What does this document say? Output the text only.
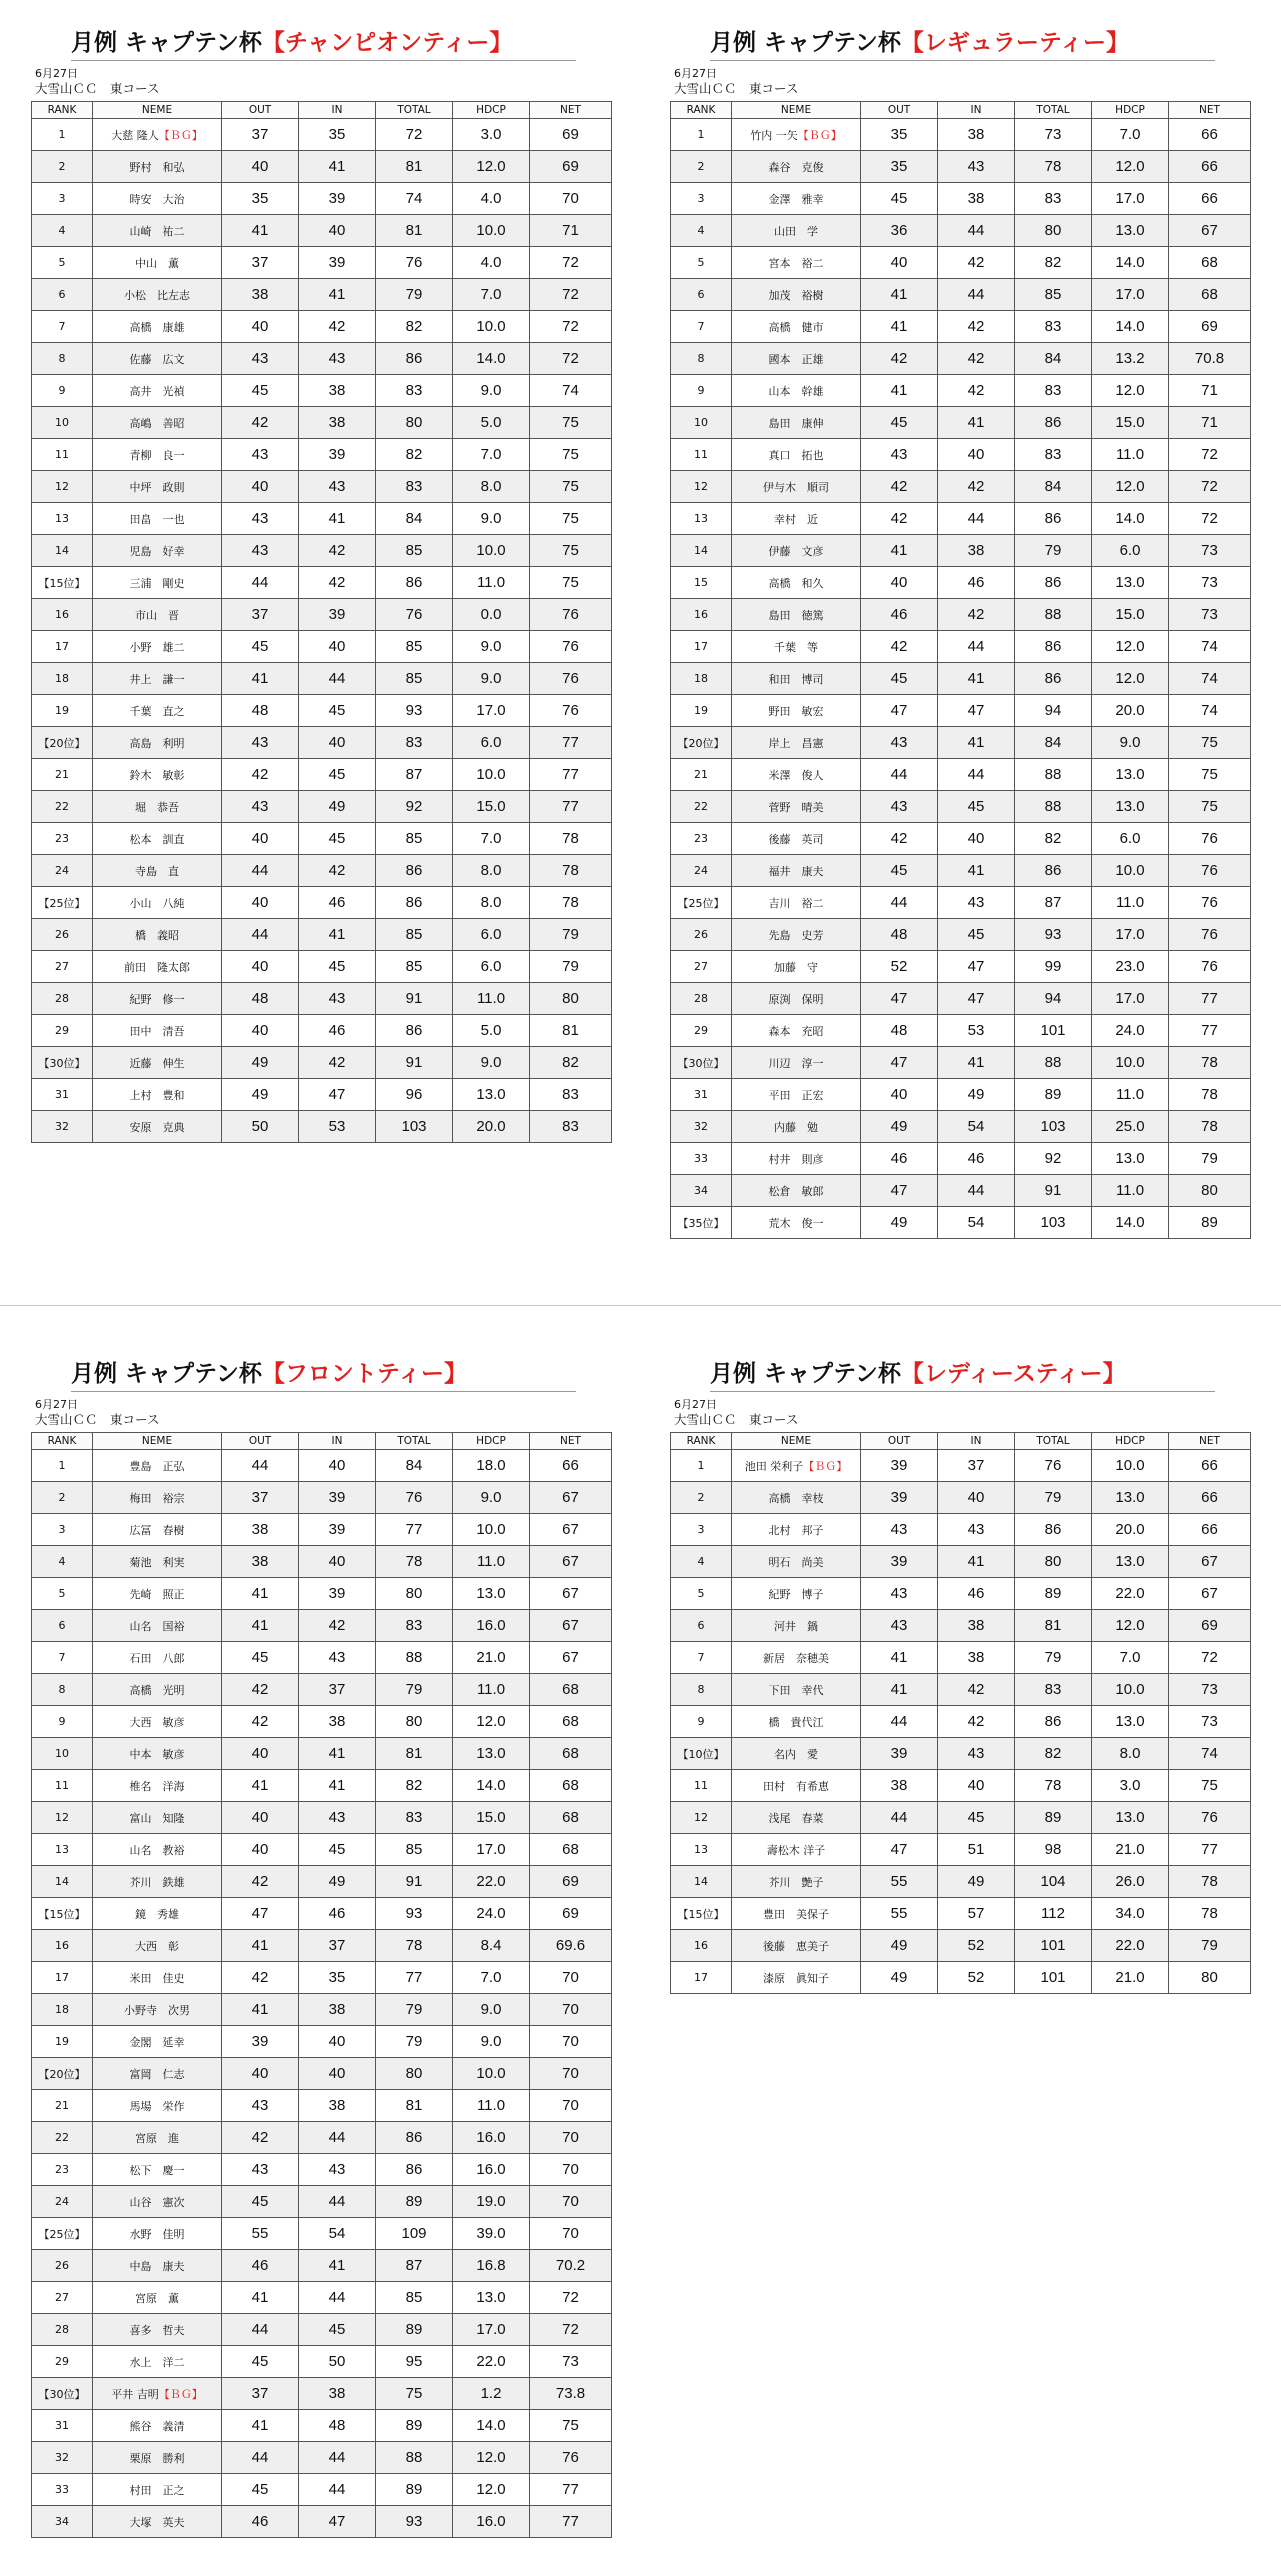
月例 キャプテン杯【チャンピオンティー】
6月27日
大雪山ＣＣ　東コース
RANK	NEME	OUT	IN	TOTAL	HDCP	NET
1	大慈 隆人【ＢＧ】	37	35	72	3.0	69
2	野村　和弘	40	41	81	12.0	69
3	時安　大治	35	39	74	4.0	70
4	山崎　祐二	41	40	81	10.0	71
5	中山　薫	37	39	76	4.0	72
6	小松　比左志	38	41	79	7.0	72
7	高橋　康雄	40	42	82	10.0	72
8	佐藤　広文	43	43	86	14.0	72
9	高井　光禎	45	38	83	9.0	74
10	高嶋　善昭	42	38	80	5.0	75
11	青柳　良一	43	39	82	7.0	75
12	中坪　政則	40	43	83	8.0	75
13	田畠　一也	43	41	84	9.0	75
14	児島　好幸	43	42	85	10.0	75
【15位】	三浦　剛史	44	42	86	11.0	75
16	市山　晋	37	39	76	0.0	76
17	小野　雄二	45	40	85	9.0	76
18	井上　謙一	41	44	85	9.0	76
19	千葉　直之	48	45	93	17.0	76
【20位】	高島　利明	43	40	83	6.0	77
21	鈴木　敏彰	42	45	87	10.0	77
22	堀　恭吾	43	49	92	15.0	77
23	松本　訓直	40	45	85	7.0	78
24	寺島　直	44	42	86	8.0	78
【25位】	小山　八純	40	46	86	8.0	78
26	橋　義昭	44	41	85	6.0	79
27	前田　隆太郎	40	45	85	6.0	79
28	紀野　修一	48	43	91	11.0	80
29	田中　清吾	40	46	86	5.0	81
【30位】	近藤　伸生	49	42	91	9.0	82
31	上村　豊和	49	47	96	13.0	83
32	安原　克典	50	53	103	20.0	83
月例 キャプテン杯【レギュラーティー】
6月27日
大雪山ＣＣ　東コース
RANK	NEME	OUT	IN	TOTAL	HDCP	NET
1	竹内 一矢【ＢＧ】	35	38	73	7.0	66
2	森谷　克俊	35	43	78	12.0	66
3	金澤　雅幸	45	38	83	17.0	66
4	山田　学	36	44	80	13.0	67
5	宮本　裕二	40	42	82	14.0	68
6	加茂　裕樹	41	44	85	17.0	68
7	高橋　健市	41	42	83	14.0	69
8	國本　正雄	42	42	84	13.2	70.8
9	山本　幹雄	41	42	83	12.0	71
10	島田　康伸	45	41	86	15.0	71
11	真口　拓也	43	40	83	11.0	72
12	伊与木　順司	42	42	84	12.0	72
13	幸村　近	42	44	86	14.0	72
14	伊藤　文彦	41	38	79	6.0	73
15	高橋　和久	40	46	86	13.0	73
16	島田　徳篤	46	42	88	15.0	73
17	千葉　等	42	44	86	12.0	74
18	和田　博司	45	41	86	12.0	74
19	野田　敏宏	47	47	94	20.0	74
【20位】	岸上　昌憲	43	41	84	9.0	75
21	米澤　俊人	44	44	88	13.0	75
22	菅野　晴美	43	45	88	13.0	75
23	後藤　英司	42	40	82	6.0	76
24	福井　康夫	45	41	86	10.0	76
【25位】	吉川　裕二	44	43	87	11.0	76
26	先島　史芳	48	45	93	17.0	76
27	加藤　守	52	47	99	23.0	76
28	原渕　保明	47	47	94	17.0	77
29	森本　充昭	48	53	101	24.0	77
【30位】	川辺　淳一	47	41	88	10.0	78
31	平田　正宏	40	49	89	11.0	78
32	内藤　勉	49	54	103	25.0	78
33	村井　則彦	46	46	92	13.0	79
34	松倉　敏郎	47	44	91	11.0	80
【35位】	荒木　俊一	49	54	103	14.0	89
月例 キャプテン杯【フロントティー】
6月27日
大雪山ＣＣ　東コース
RANK	NEME	OUT	IN	TOTAL	HDCP	NET
1	豊島　正弘	44	40	84	18.0	66
2	梅田　裕宗	37	39	76	9.0	67
3	広冨　春樹	38	39	77	10.0	67
4	菊池　利実	38	40	78	11.0	67
5	先崎　照正	41	39	80	13.0	67
6	山名　国裕	41	42	83	16.0	67
7	石田　八郎	45	43	88	21.0	67
8	高橋　光明	42	37	79	11.0	68
9	大西　敏彦	42	38	80	12.0	68
10	中本　敏彦	40	41	81	13.0	68
11	椎名　洋海	41	41	82	14.0	68
12	富山　知隆	40	43	83	15.0	68
13	山名　教裕	40	45	85	17.0	68
14	芥川　鉄雄	42	49	91	22.0	69
【15位】	鏡　秀雄	47	46	93	24.0	69
16	大西　彰	41	37	78	8.4	69.6
17	米田　佳史	42	35	77	7.0	70
18	小野寺　次男	41	38	79	9.0	70
19	金閣　延幸	39	40	79	9.0	70
【20位】	富岡　仁志	40	40	80	10.0	70
21	馬場　栄作	43	38	81	11.0	70
22	宮原　進	42	44	86	16.0	70
23	松下　慶一	43	43	86	16.0	70
24	山谷　憲次	45	44	89	19.0	70
【25位】	水野　佳明	55	54	109	39.0	70
26	中島　康夫	46	41	87	16.8	70.2
27	宮原　薫	41	44	85	13.0	72
28	喜多　哲夫	44	45	89	17.0	72
29	水上　洋二	45	50	95	22.0	73
【30位】	平井 吉明【ＢＧ】	37	38	75	1.2	73.8
31	熊谷　義清	41	48	89	14.0	75
32	栗原　勝利	44	44	88	12.0	76
33	村田　正之	45	44	89	12.0	77
34	大塚　英夫	46	47	93	16.0	77
月例 キャプテン杯【レディースティー】
6月27日
大雪山ＣＣ　東コース
RANK	NEME	OUT	IN	TOTAL	HDCP	NET
1	池田 栄利子【ＢＧ】	39	37	76	10.0	66
2	高橋　幸枝	39	40	79	13.0	66
3	北村　邦子	43	43	86	20.0	66
4	明石　尚美	39	41	80	13.0	67
5	紀野　博子	43	46	89	22.0	67
6	河井　鍋	43	38	81	12.0	69
7	新居　奈穂美	41	38	79	7.0	72
8	下田　幸代	41	42	83	10.0	73
9	橋　貴代江	44	42	86	13.0	73
【10位】	名内　愛	39	43	82	8.0	74
11	田村　有希恵	38	40	78	3.0	75
12	浅尾　春菜	44	45	89	13.0	76
13	壽松木 洋子	47	51	98	21.0	77
14	芥川　艶子	55	49	104	26.0	78
【15位】	豊田　美保子	55	57	112	34.0	78
16	後藤　恵美子	49	52	101	22.0	79
17	漆原　眞知子	49	52	101	21.0	80
